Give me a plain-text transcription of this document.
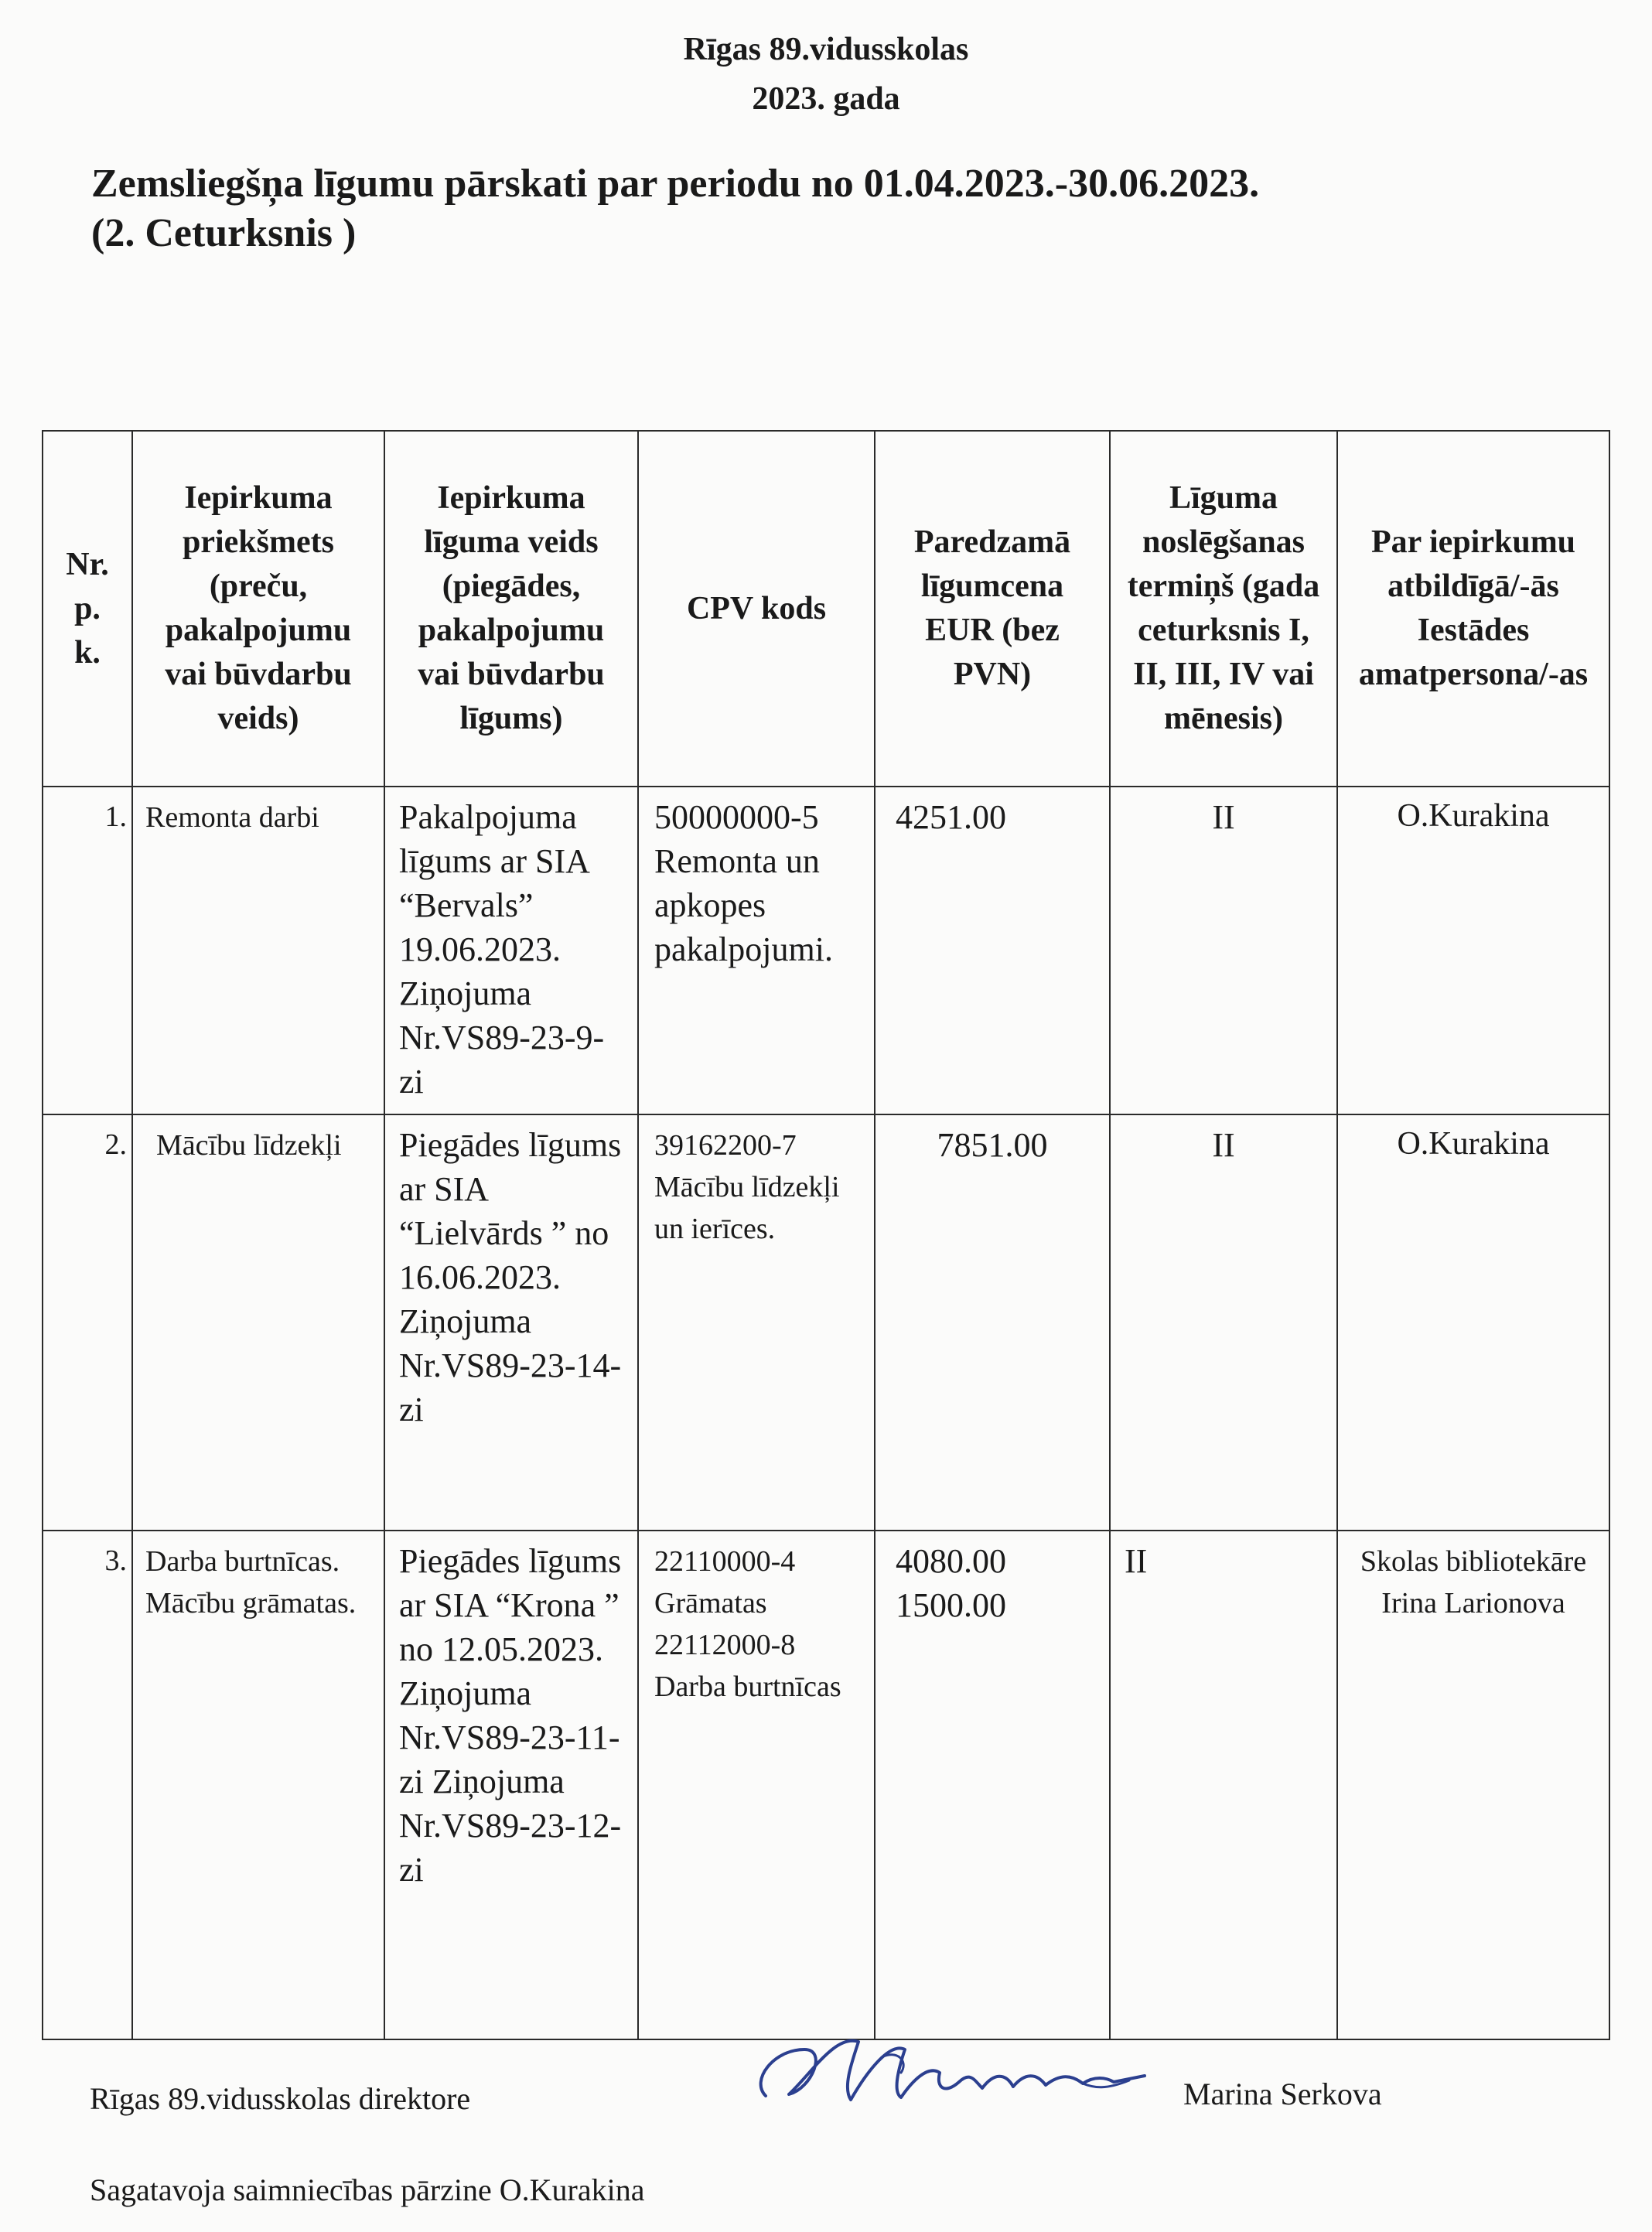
Rīgas 89.vidusskolas
2023. gada
Zemsliegšņa līgumu pārskati par periodu no 01.04.2023.-30.06.2023.
(2. Ceturksnis )
Nr. p. k.	Iepirkuma priekšmets (preču, pakalpojumu vai būvdarbu veids)	Iepirkuma līguma veids (piegādes, pakalpojumu vai būvdarbu līgums)	CPV kods	Paredzamā līgumcena EUR (bez PVN)	Līguma noslēgšanas termiņš (gada ceturksnis I, II, III, IV vai mēnesis)	Par iepirkumu atbildīgā/-ās Iestādes amatpersona/-as
1.	Remonta darbi	Pakalpojuma līgums ar SIA “Bervals” 19.06.2023. Ziņojuma Nr.VS89-23-9-zi	50000000-5 Remonta un apkopes pakalpojumi.	4251.00	II	O.Kurakina
2.	Mācību līdzekļi	Piegādes līgums ar SIA “Lielvārds ” no 16.06.2023. Ziņojuma Nr.VS89-23-14-zi	39162200-7 Mācību līdzekļi un ierīces.	7851.00	II	O.Kurakina
3.	Darba burtnīcas. Mācību grāmatas.	Piegādes līgums ar SIA “Krona ” no 12.05.2023. Ziņojuma Nr.VS89-23-11-zi Ziņojuma Nr.VS89-23-12-zi	22110000-4 Grāmatas 22112000-8 Darba burtnīcas	4080.00 1500.00	II	Skolas bibliotekāre Irina Larionova
Rīgas 89.vidusskolas direktore	Marina Serkova
Sagatavoja saimniecības pārzine O.Kurakina
